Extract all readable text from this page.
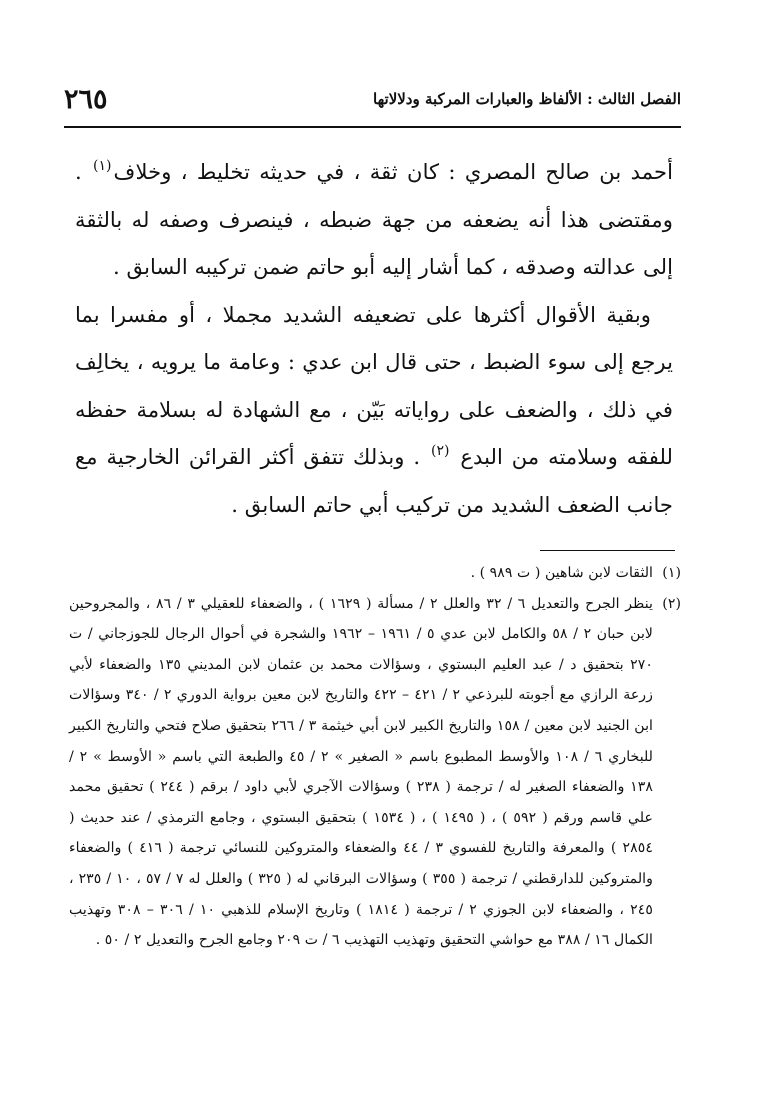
الفصل الثالث : الألفاظ والعبارات المركبة ودلالاتها
٢٦٥

أحمد بن صالح المصري : كان ثقة ، في حديثه تخليط ، وخلاف$^{(١)}$ . ومقتضى هذا أنه يضعفه من جهة ضبطه ، فينصرف وصفه له بالثقة إلى عدالته وصدقه ، كما أشار إليه أبو حاتم ضمن تركيبه السابق .

وبقية الأقوال أكثرها على تضعيفه الشديد مجملا ، أو مفسرا بما يرجع إلى سوء الضبط ، حتى قال ابن عدي : وعامة ما يرويه ، يخالِف في ذلك ، والضعف على رواياته بَيّن ، مع الشهادة له بسلامة حفظه للفقه وسلامته من البدع $^{(٢)}$ . وبذلك تتفق أكثر القرائن الخارجية مع جانب الضعف الشديد من تركيب أبي حاتم السابق .

(١)
الثقات لابن شاهين ( ت ٩٨٩ ) .

(٢)
ينظر الجرح والتعديل ٦ / ٣٢ والعلل ٢ / مسألة ( ١٦٢٩ ) ، والضعفاء للعقيلي ٣ / ٨٦ ، والمجروحين لابن حبان ٢ / ٥٨ والكامل لابن عدي ٥ / ١٩٦١ – ١٩٦٢ والشجرة في أحوال الرجال للجوزجاني / ت ٢٧٠ بتحقيق د / عبد العليم البستوي ، وسؤالات محمد بن عثمان لابن المديني ١٣٥ والضعفاء لأبي زرعة الرازي مع أجوبته للبرذعي ٢ / ٤٢١ – ٤٢٢ والتاريخ لابن معين برواية الدوري ٢ / ٣٤٠ وسؤالات ابن الجنيد لابن معين / ١٥٨ والتاريخ الكبير لابن أبي خيثمة ٣ / ٢٦٦ بتحقيق صلاح فتحي والتاريخ الكبير للبخاري ٦ / ١٠٨ والأوسط المطبوع باسم « الصغير » ٢ / ٤٥ والطبعة التي باسم « الأوسط » ٢ / ١٣٨ والضعفاء الصغير له / ترجمة ( ٢٣٨ ) وسؤالات الآجري لأبي داود / برقم ( ٢٤٤ ) تحقيق محمد علي قاسم ورقم ( ٥٩٢ ) ، ( ١٤٩٥ ) ، ( ١٥٣٤ ) بتحقيق البستوي ، وجامع الترمذي / عند حديث ( ٢٨٥٤ ) والمعرفة والتاريخ للفسوي ٣ / ٤٤ والضعفاء والمتروكين للنسائي ترجمة ( ٤١٦ ) والضعفاء والمتروكين للدارقطني / ترجمة ( ٣٥٥ ) وسؤالات البرقاني له ( ٣٢٥ ) والعلل له ٧ / ٥٧ ، ١٠ / ٢٣٥ ، ٢٤٥ ، والضعفاء لابن الجوزي ٢ / ترجمة ( ١٨١٤ ) وتاريخ الإسلام للذهبي ١٠ / ٣٠٦ – ٣٠٨ وتهذيب الكمال ١٦ / ٣٨٨ مع حواشي التحقيق وتهذيب التهذيب ٦ / ت ٢٠٩ وجامع الجرح والتعديل ٢ / ٥٠ .
